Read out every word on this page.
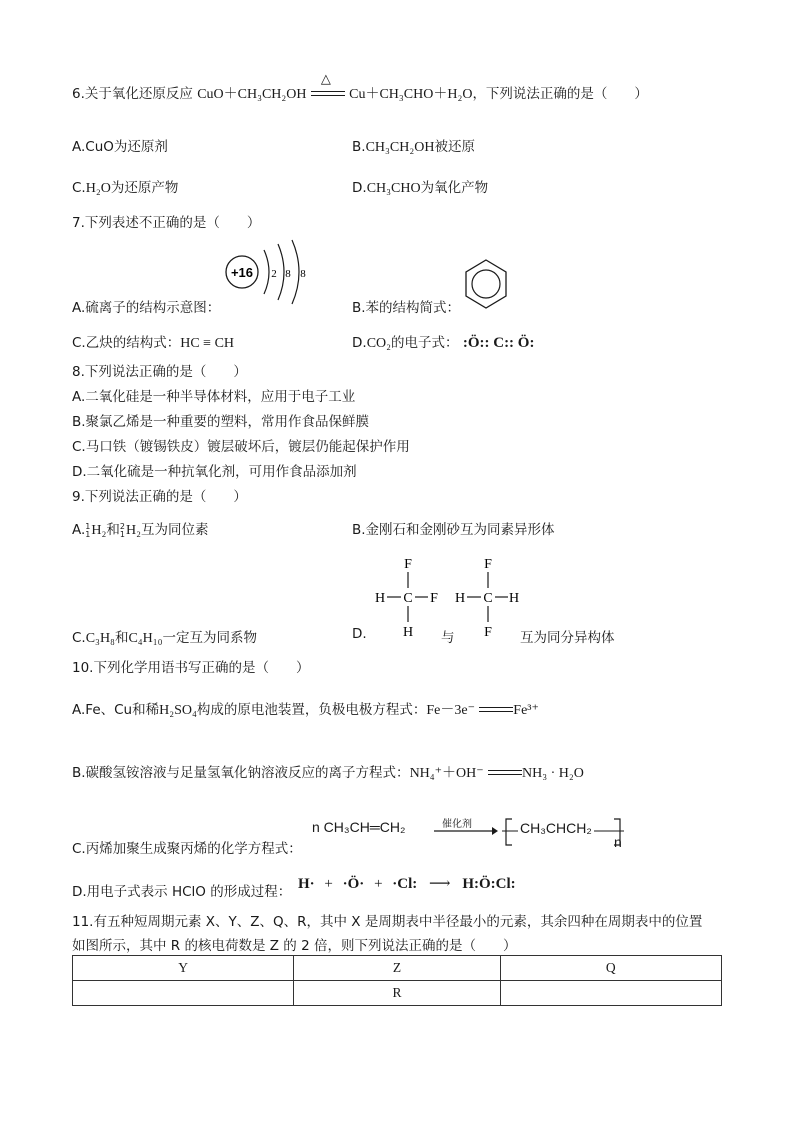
6.关于氧化还原反应 CuO＋CH₃CH₂OH
△
Cu＋CH₃CHO＋H₂O，下列说法正确的是（　　）
A.CuO为还原剂	B.CH₃CH₂OH被还原
C.H₂O为还原产物	D.CH₃CHO为氧化产物
7.下列表述不正确的是（　　）
A.硫离子的结构示意图：
+16 2 8 8
B.苯的结构简式：
C.乙炔的结构式：HC ≡ CH	D.CO₂的电子式： :Ö:: C:: Ö:
8.下列说法正确的是（　　）
A.二氧化硅是一种半导体材料，应用于电子工业
B.聚氯乙烯是一种重要的塑料，常用作食品保鲜膜
C.马口铁（镀锡铁皮）镀层破坏后，镀层仍能起保护作用
D.二氧化硫是一种抗氧化剂，可用作食品添加剂
9.下列说法正确的是（　　）
A.1
1H₂和2
1H₂互为同位素	B.金刚石和金刚砂互为同素异形体
C.C₃H₈和C₄H₁₀一定互为同系物	D.
F
H C F
H 与
F
H C H
F 互为同分异构体
10.下列化学用语书写正确的是（　　）
A.Fe、Cu和稀H₂SO₄构成的原电池装置，负极电极方程式：Fe－3e⁻	Fe³⁺
B.碳酸氢铵溶液与足量氢氧化钠溶液反应的离子方程式：NH₄⁺＋OH⁻	NH₃ · H₂O
C.丙烯加聚生成聚丙烯的化学方程式：
n CH₃CH═CH₂	催化剂	CH₃CHCH₂
n
D.用电子式表示 HClO 的形成过程： H· + ·Ö· + ·Cl: ⟶ H:Ö:Cl:
11.有五种短周期元素 X、Y、Z、Q、R，其中 X 是周期表中半径最小的元素，其余四种在周期表中的位置
如图所示，其中 R 的核电荷数是 Z 的 2 倍，则下列说法正确的是（　　）
Y	Z	Q
	R	
